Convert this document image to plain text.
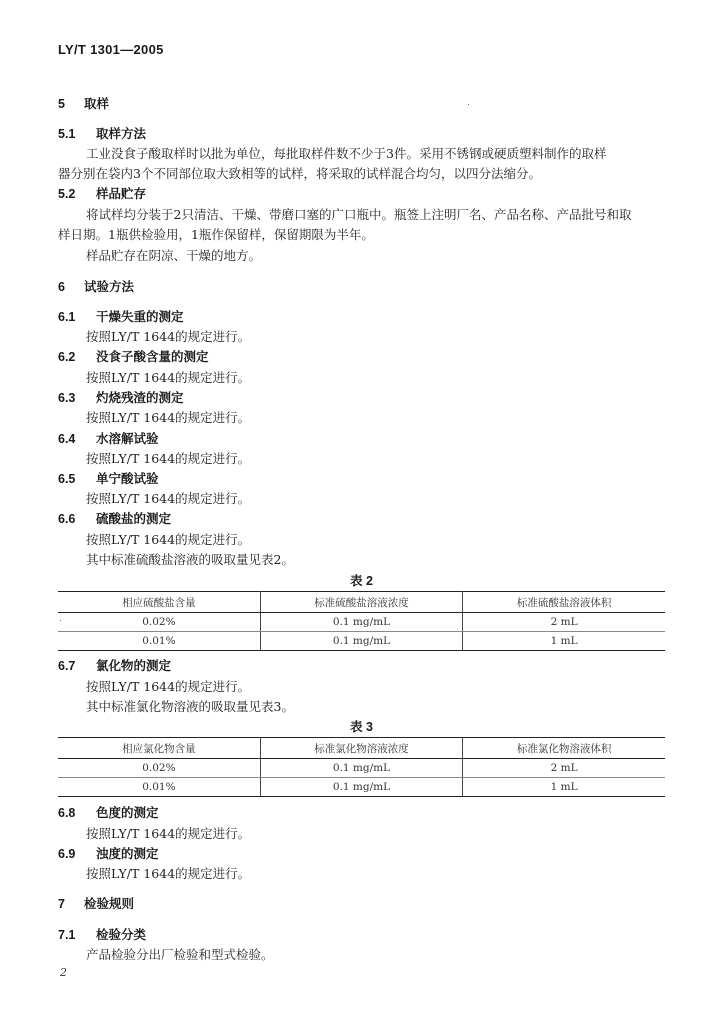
LY/T 1301—2005
5 取样
5.1 取样方法
工业没食子酸取样时以批为单位，每批取样件数不少于3件。采用不锈钢或硬质塑料制作的取样
器分别在袋内3个不同部位取大致相等的试样，将采取的试样混合均匀，以四分法缩分。
5.2 样品贮存
将试样均分装于2只清洁、干燥、带磨口塞的广口瓶中。瓶签上注明厂名、产品名称、产品批号和取
样日期。1瓶供检验用，1瓶作保留样，保留期限为半年。
样品贮存在阴凉、干燥的地方。
6 试验方法
6.1 干燥失重的测定
按照LY/T 1644的规定进行。
6.2 没食子酸含量的测定
按照LY/T 1644的规定进行。
6.3 灼烧残渣的测定
按照LY/T 1644的规定进行。
6.4 水溶解试验
按照LY/T 1644的规定进行。
6.5 单宁酸试验
按照LY/T 1644的规定进行。
6.6 硫酸盐的测定
按照LY/T 1644的规定进行。
其中标准硫酸盐溶液的吸取量见表2。
表 2
相应硫酸盐含量	标准硫酸盐溶液浓度	标准硫酸盐溶液体积
0.02%	0.1 mg/mL	2 mL
0.01%	0.1 mg/mL	1 mL
6.7 氯化物的测定
按照LY/T 1644的规定进行。
其中标准氯化物溶液的吸取量见表3。
表 3
相应氯化物含量	标准氯化物溶液浓度	标准氯化物溶液体积
0.02%	0.1 mg/mL	2 mL
0.01%	0.1 mg/mL	1 mL
6.8 色度的测定
按照LY/T 1644的规定进行。
6.9 浊度的测定
按照LY/T 1644的规定进行。
7 检验规则
7.1 检验分类
产品检验分出厂检验和型式检验。
2
